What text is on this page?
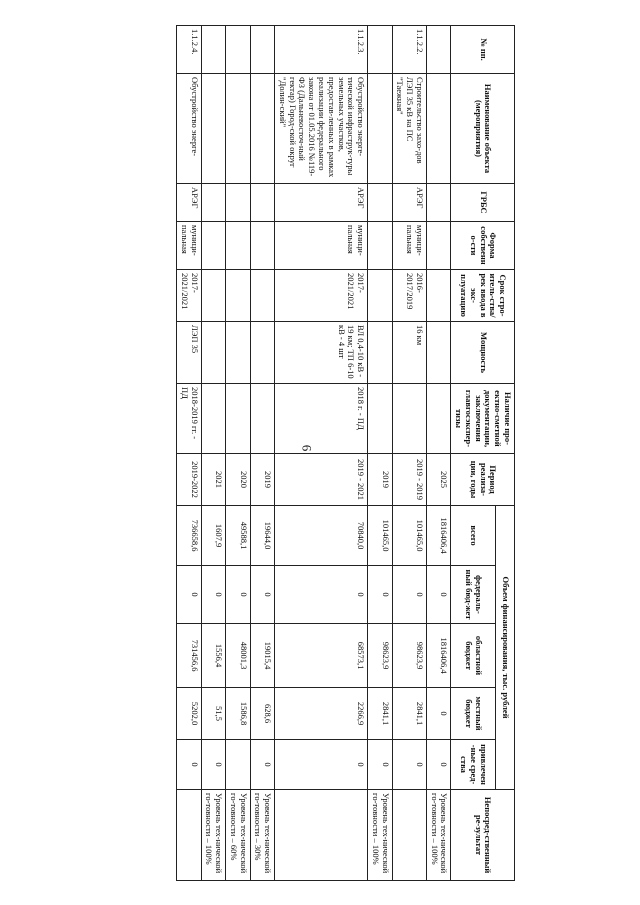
6
№ пп.	Наименование объекта (мероприятия)	ГРБС	Форма собственно-сти	Срок стро-итель-ства/рек ввода в экс-плуатацию	Мощность	Наличие про-ектно-сметной документации, заключения главгосэкспер-тизы	Период реализа-ции, годы	Объем финансирования, тыс. рублей					Непосред-ственный ре-зультат
								всего	федераль-ный бюд-жет	областной бюджет	местный бюджет	привлечен-ные сред-ства	
							2025	1816406,4	0	1816406,4	0	0	Уровень тех-нической го-товности – 100%
1.1.2.2.	Строительство захо-дов ЛЭП 35 кВ на ПС "Таежная"	АРЭГ	муници-пальная	2016-2017/2019	16 км		2019 - 2019	101465,0	0	98623,9	2841,1	0	
							2019	101465,0	0	98623,9	2841,1	0	Уровень тех-нической го-товности – 100%
1.1.2.3.	Обустройство энерге-тической инфраструк-туры земельных участков, предостав-ленных в рамках реализации федерального закона от 01.05.2016 №119-ФЗ (Дальневосточ-ный гектар) Город-ской округ "Долин-ский"	АРЭГ	муници-пальная	2017-2021/2021	ВЛ 0,4-10 кВ - 19 км; ТП 6-10 кВ - 4 шт	2018 г. - ПД	2019 - 2021	70840,0	0	68573,1	2266,9	0	
							2019	19644,0	0	19015,4	628,6	0	Уровень тех-нической го-товности – 30%
							2020	49588,1	0	48001,3	1586,8		Уровень тех-нической го-товности – 60%
							2021	1607,9	0	1556,4	51,5	0	Уровень тех-нической го-товности – 100%
1.1.2.4.	Обустройство энерге-	АРЭГ	муници-пальная	2017-2021/2021	ЛЭП 35	2018-2019 гг. - ПД	2019-2022	736658,6	0	731456,6	5202,0	0	
